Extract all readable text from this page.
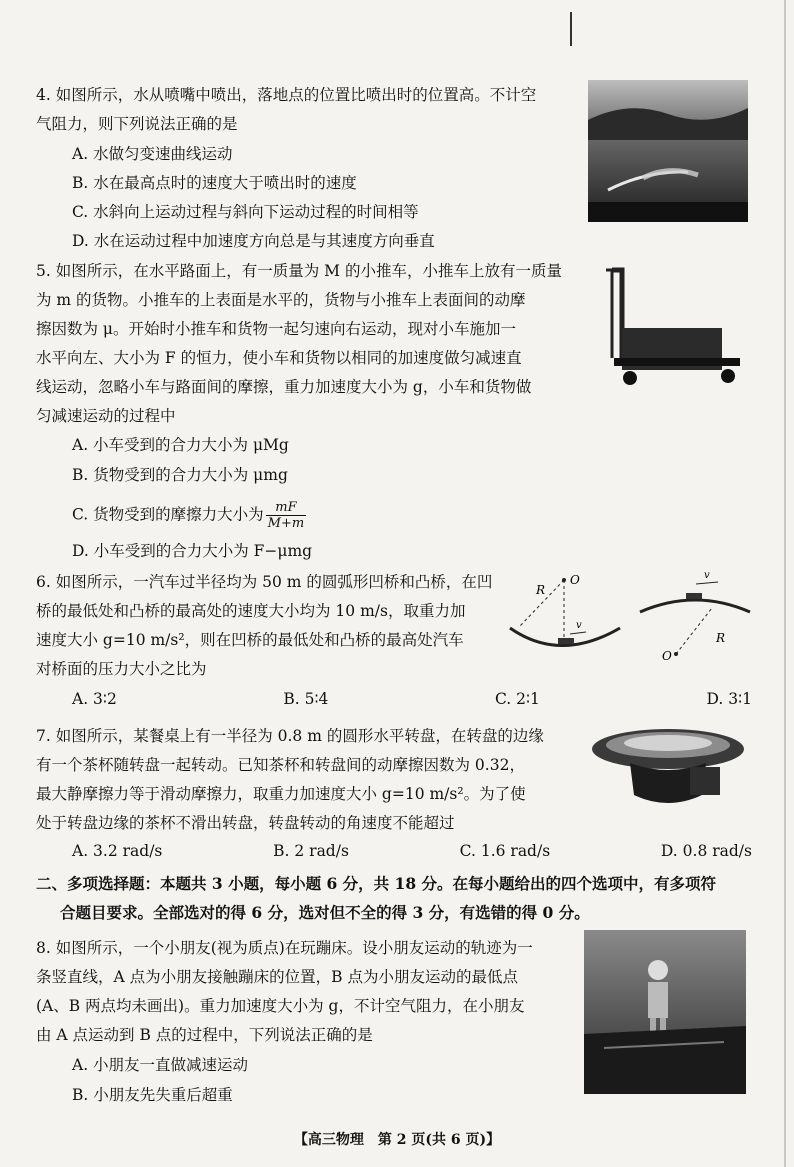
4. 如图所示，水从喷嘴中喷出，落地点的位置比喷出时的位置高。不计空
气阻力，则下列说法正确的是
A. 水做匀变速曲线运动
B. 水在最高点时的速度大于喷出时的速度
C. 水斜向上运动过程与斜向下运动过程的时间相等
D. 水在运动过程中加速度方向总是与其速度方向垂直
5. 如图所示，在水平路面上，有一质量为 M 的小推车，小推车上放有一质量
为 m 的货物。小推车的上表面是水平的，货物与小推车上表面间的动摩
擦因数为 μ。开始时小推车和货物一起匀速向右运动，现对小车施加一
水平向左、大小为 F 的恒力，使小车和货物以相同的加速度做匀减速直
线运动，忽略小车与路面间的摩擦，重力加速度大小为 g，小车和货物做
匀减速运动的过程中
A. 小车受到的合力大小为 μMg
B. 货物受到的合力大小为 μmg
C. 货物受到的摩擦力大小为 $\frac{mF}{M+m}$
D. 小车受到的合力大小为 F−μmg
6. 如图所示，一汽车过半径均为 50 m 的圆弧形凹桥和凸桥，在凹
桥的最低处和凸桥的最高处的速度大小均为 10 m/s，取重力加
速度大小 g=10 m/s²，则在凹桥的最低处和凸桥的最高处汽车
对桥面的压力大小之比为
A. 3∶2	B. 5∶4	C. 2∶1	D. 3∶1
R
O
v
O
R
v
7. 如图所示，某餐桌上有一半径为 0.8 m 的圆形水平转盘，在转盘的边缘
有一个茶杯随转盘一起转动。已知茶杯和转盘间的动摩擦因数为 0.32，
最大静摩擦力等于滑动摩擦力，取重力加速度大小 g=10 m/s²。为了使
处于转盘边缘的茶杯不滑出转盘，转盘转动的角速度不能超过
A. 3.2 rad/s	B. 2 rad/s	C. 1.6 rad/s	D. 0.8 rad/s
二、多项选择题：本题共 3 小题，每小题 6 分，共 18 分。在每小题给出的四个选项中，有多项符
合题目要求。全部选对的得 6 分，选对但不全的得 3 分，有选错的得 0 分。
8. 如图所示，一个小朋友(视为质点)在玩蹦床。设小朋友运动的轨迹为一
条竖直线，A 点为小朋友接触蹦床的位置，B 点为小朋友运动的最低点
(A、B 两点均未画出)。重力加速度大小为 g，不计空气阻力，在小朋友
由 A 点运动到 B 点的过程中，下列说法正确的是
A. 小朋友一直做减速运动
B. 小朋友先失重后超重
【高三物理　第 2 页(共 6 页)】
